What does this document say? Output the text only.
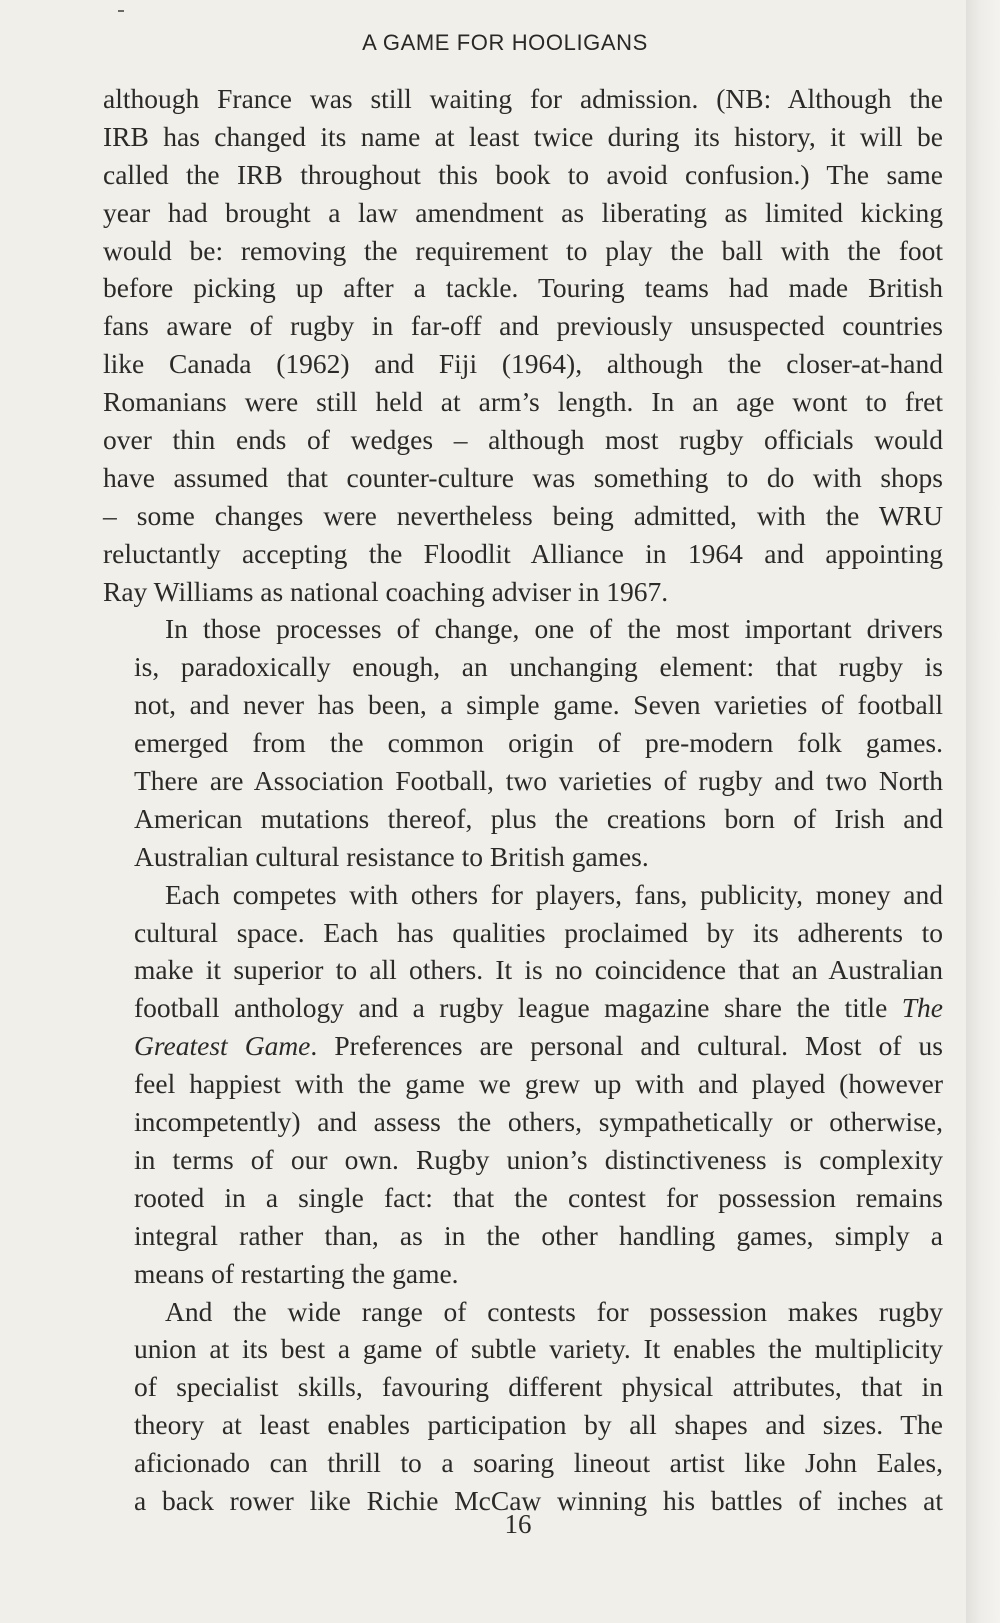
A GAME FOR HOOLIGANS

although France was still waiting for admission. (NB: Although the
IRB has changed its name at least twice during its history, it will be
called the IRB throughout this book to avoid confusion.) The same
year had brought a law amendment as liberating as limited kicking
would be: removing the requirement to play the ball with the foot
before picking up after a tackle. Touring teams had made British
fans aware of rugby in far-off and previously unsuspected countries
like Canada (1962) and Fiji (1964), although the closer-at-hand
Romanians were still held at arm’s length. In an age wont to fret
over thin ends of wedges – although most rugby officials would
have assumed that counter-culture was something to do with shops
– some changes were nevertheless being admitted, with the WRU
reluctantly accepting the Floodlit Alliance in 1964 and appointing
Ray Williams as national coaching adviser in 1967.

In those processes of change, one of the most important drivers
is, paradoxically enough, an unchanging element: that rugby is
not, and never has been, a simple game. Seven varieties of football
emerged from the common origin of pre-modern folk games.
There are Association Football, two varieties of rugby and two North
American mutations thereof, plus the creations born of Irish and
Australian cultural resistance to British games.

Each competes with others for players, fans, publicity, money and
cultural space. Each has qualities proclaimed by its adherents to
make it superior to all others. It is no coincidence that an Australian
football anthology and a rugby league magazine share the title The
Greatest Game. Preferences are personal and cultural. Most of us
feel happiest with the game we grew up with and played (however
incompetently) and assess the others, sympathetically or otherwise,
in terms of our own. Rugby union’s distinctiveness is complexity
rooted in a single fact: that the contest for possession remains
integral rather than, as in the other handling games, simply a
means of restarting the game.

And the wide range of contests for possession makes rugby
union at its best a game of subtle variety. It enables the multiplicity
of specialist skills, favouring different physical attributes, that in
theory at least enables participation by all shapes and sizes. The
aficionado can thrill to a soaring lineout artist like John Eales,
a back rower like Richie McCaw winning his battles of inches at

16
